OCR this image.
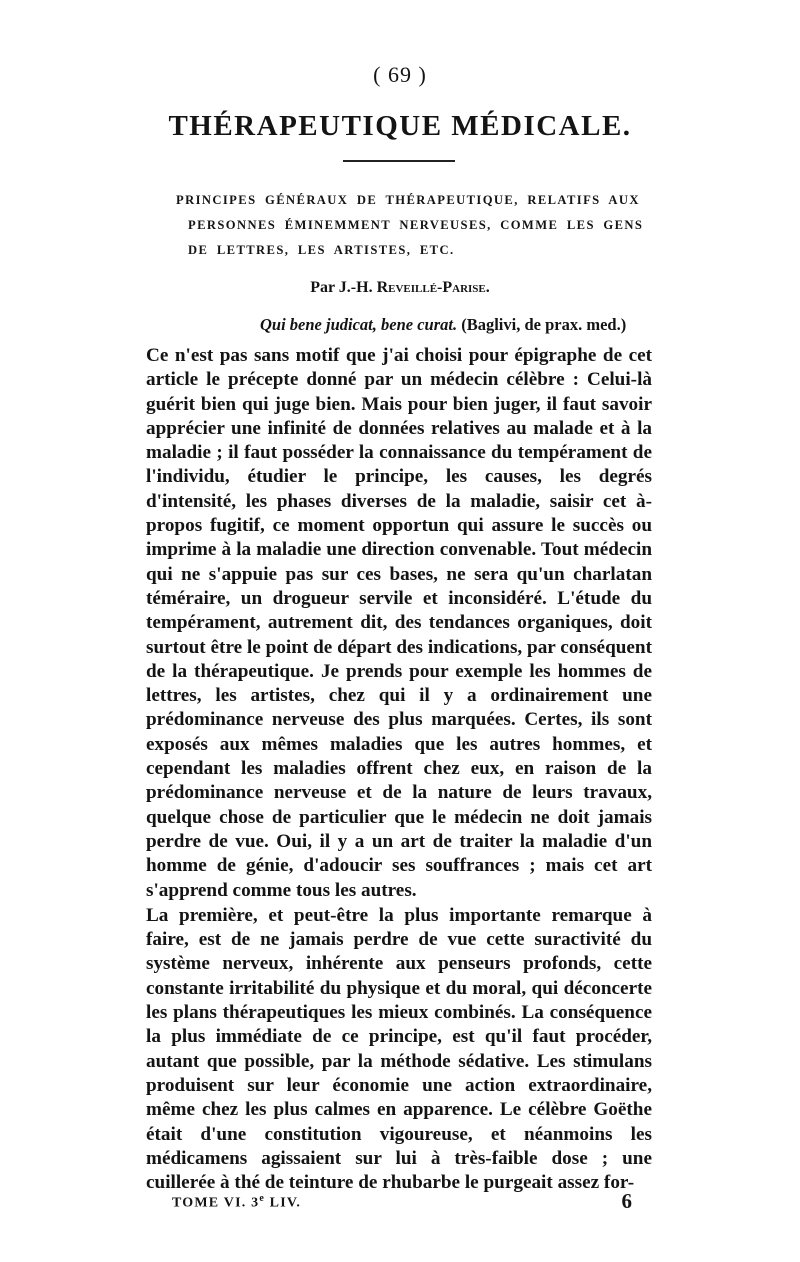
( 69 )
THÉRAPEUTIQUE MÉDICALE.
PRINCIPES GÉNÉRAUX DE THÉRAPEUTIQUE, RELATIFS AUX
PERSONNES ÉMINEMMENT NERVEUSES, COMME LES GENS
DE LETTRES, LES ARTISTES, ETC.
Par J.-H. Reveillé-Parise.
Qui bene judicat, bene curat. (Baglivi, de prax. med.)

Ce n'est pas sans motif que j'ai choisi pour épigraphe de cet article le précepte donné par un médecin célèbre : Celui-là guérit bien qui juge bien. Mais pour bien juger, il faut savoir apprécier une infinité de données relatives au malade et à la maladie ; il faut posséder la connaissance du tempérament de l'individu, étudier le principe, les causes, les degrés d'intensité, les phases diverses de la maladie, saisir cet à-propos fugitif, ce moment opportun qui assure le succès ou imprime à la maladie une direction convenable. Tout médecin qui ne s'appuie pas sur ces bases, ne sera qu'un charlatan téméraire, un drogueur servile et inconsidéré. L'étude du tempérament, autrement dit, des tendances organiques, doit surtout être le point de départ des indications, par conséquent de la thérapeutique. Je prends pour exemple les hommes de lettres, les artistes, chez qui il y a ordinairement une prédominance nerveuse des plus marquées. Certes, ils sont exposés aux mêmes maladies que les autres hommes, et cependant les maladies offrent chez eux, en raison de la prédominance nerveuse et de la nature de leurs travaux, quelque chose de particulier que le médecin ne doit jamais perdre de vue. Oui, il y a un art de traiter la maladie d'un homme de génie, d'adoucir ses souffrances ; mais cet art s'apprend comme tous les autres.

La première, et peut-être la plus importante remarque à faire, est de ne jamais perdre de vue cette suractivité du système nerveux, inhérente aux penseurs profonds, cette constante irritabilité du physique et du moral, qui déconcerte les plans thérapeutiques les mieux combinés. La conséquence la plus immédiate de ce principe, est qu'il faut procéder, autant que possible, par la méthode sédative. Les stimulans produisent sur leur économie une action extraordinaire, même chez les plus calmes en apparence. Le célèbre Goëthe était d'une constitution vigoureuse, et néanmoins les médicamens agissaient sur lui à très-faible dose ; une cuillerée à thé de teinture de rhubarbe le purgeait assez for-

TOME VI. 3e LIV.	6
